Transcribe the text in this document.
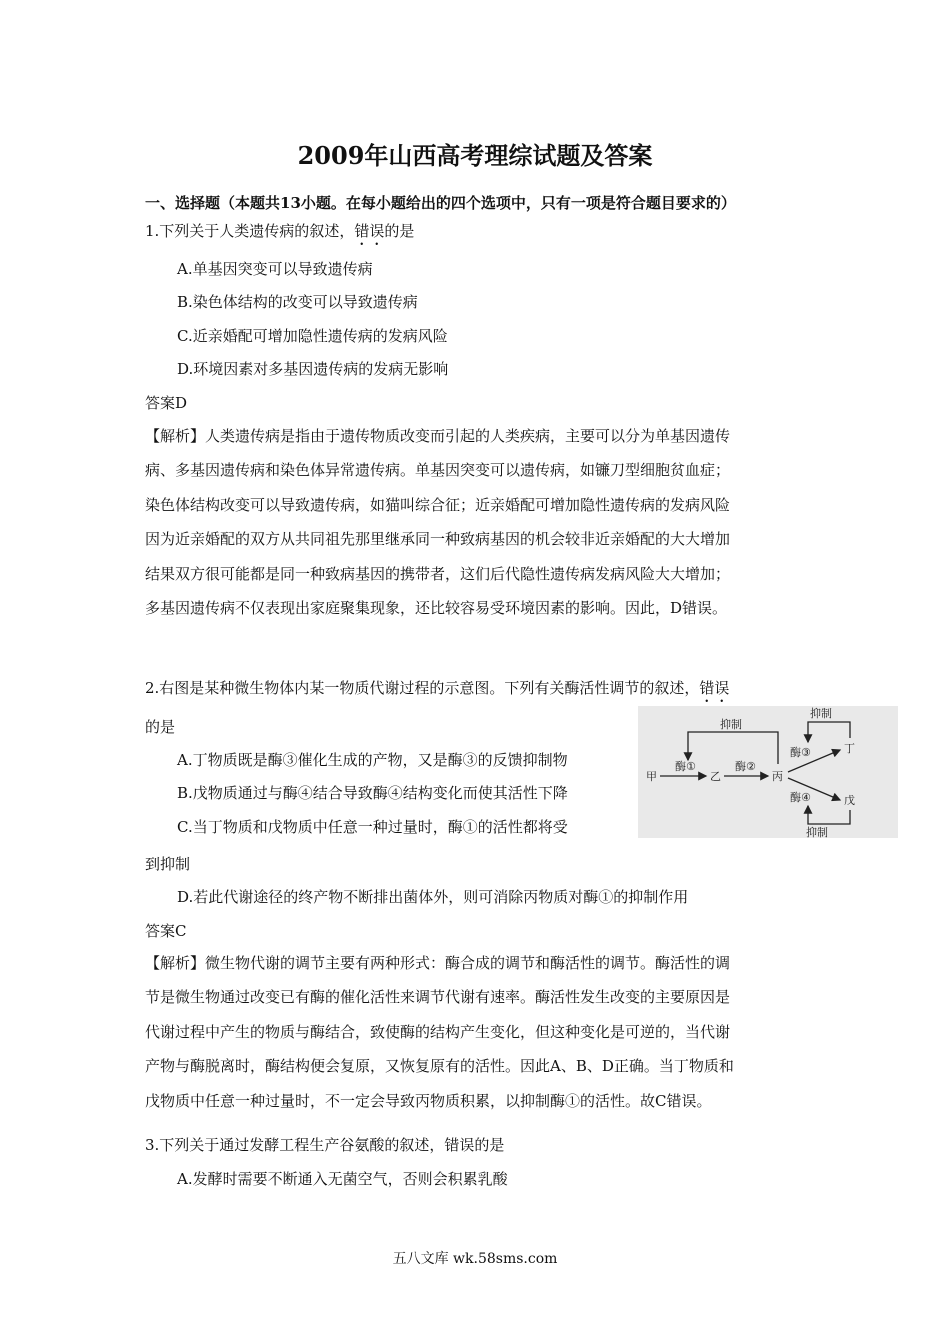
2009年山西高考理综试题及答案
一、选择题（本题共13小题。在每小题给出的四个选项中，只有一项是符合题目要求的）
1.下列关于人类遗传病的叙述，错误的是
A.单基因突变可以导致遗传病
B.染色体结构的改变可以导致遗传病
C.近亲婚配可增加隐性遗传病的发病风险
D.环境因素对多基因遗传病的发病无影响
答案D

【解析】人类遗传病是指由于遗传物质改变而引起的人类疾病，主要可以分为单基因遗传

病、多基因遗传病和染色体异常遗传病。单基因突变可以遗传病，如镰刀型细胞贫血症；

染色体结构改变可以导致遗传病，如猫叫综合征；近亲婚配可增加隐性遗传病的发病风险

因为近亲婚配的双方从共同祖先那里继承同一种致病基因的机会较非近亲婚配的大大增加

结果双方很可能都是同一种致病基因的携带者，这们后代隐性遗传病发病风险大大增加；

多基因遗传病不仅表现出家庭聚集现象，还比较容易受环境因素的影响。因此，D错误。

2.右图是某种微生物体内某一物质代谢过程的示意图。下列有关酶活性调节的叙述，错误
的是
A.丁物质既是酶③催化生成的产物，又是酶③的反馈抑制物
B.戊物质通过与酶④结合导致酶④结构变化而使其活性下降
C.当丁物质和戊物质中任意一种过量时，酶①的活性都将受
到抑制
D.若此代谢途径的终产物不断排出菌体外，则可消除丙物质对酶①的抑制作用
答案C
甲
酶①
乙
酶②
丙
抑制
酶③
酶④
丁
戊
抑制
抑制

【解析】微生物代谢的调节主要有两种形式：酶合成的调节和酶活性的调节。酶活性的调

节是微生物通过改变已有酶的催化活性来调节代谢有速率。酶活性发生改变的主要原因是

代谢过程中产生的物质与酶结合，致使酶的结构产生变化，但这种变化是可逆的，当代谢

产物与酶脱离时，酶结构便会复原，又恢复原有的活性。因此A、B、D正确。当丁物质和

戊物质中任意一种过量时，不一定会导致丙物质积累，以抑制酶①的活性。故C错误。

3.下列关于通过发酵工程生产谷氨酸的叙述，错误的是
A.发酵时需要不断通入无菌空气，否则会积累乳酸
五八文库 wk.58sms.com
